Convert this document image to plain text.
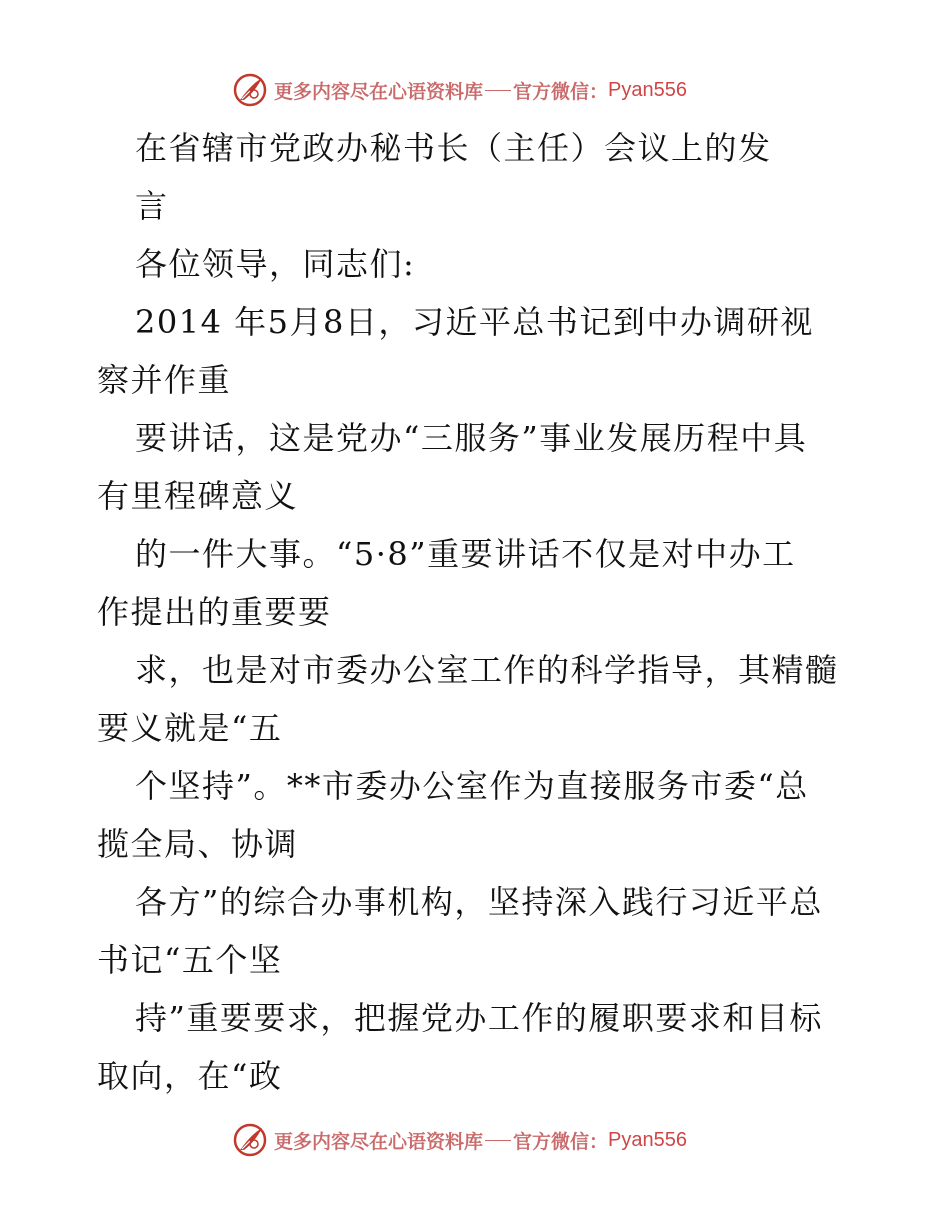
更多内容尽在心语资料库 官方微信： Pyan556
在省辖市党政办秘书长（主任）会议上的发
言
各位领导，同志们:
2014 年5月8日，习近平总书记到中办调研视
察并作重
要讲话，这是党办“三服务”事业发展历程中具
有里程碑意义
的一件大事。“5·8”重要讲话不仅是对中办工
作提出的重要要
求，也是对市委办公室工作的科学指导，其精髓
要义就是“五
个坚持”。**市委办公室作为直接服务市委“总
揽全局、协调
各方”的综合办事机构，坚持深入践行习近平总
书记“五个坚
持”重要要求，把握党办工作的履职要求和目标
取向，在“政
更多内容尽在心语资料库 官方微信： Pyan556
